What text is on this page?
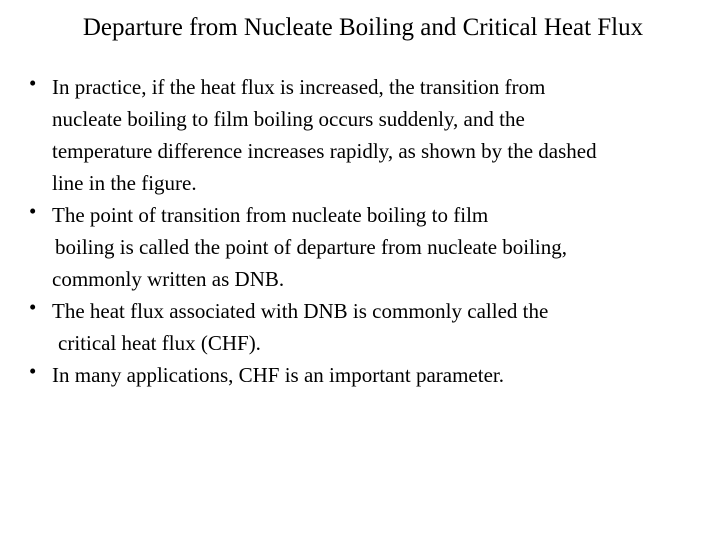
Departure from Nucleate Boiling and Critical Heat Flux
• In practice, if the heat flux is increased, the transition from
nucleate boiling to film boiling occurs suddenly, and the
temperature difference increases rapidly, as shown by the dashed
line in the figure.
• The point of transition from nucleate boiling to film
boiling is called the point of departure from nucleate boiling,
commonly written as DNB.
• The heat flux associated with DNB is commonly called the
critical heat flux (CHF).
• In many applications, CHF is an important parameter.
